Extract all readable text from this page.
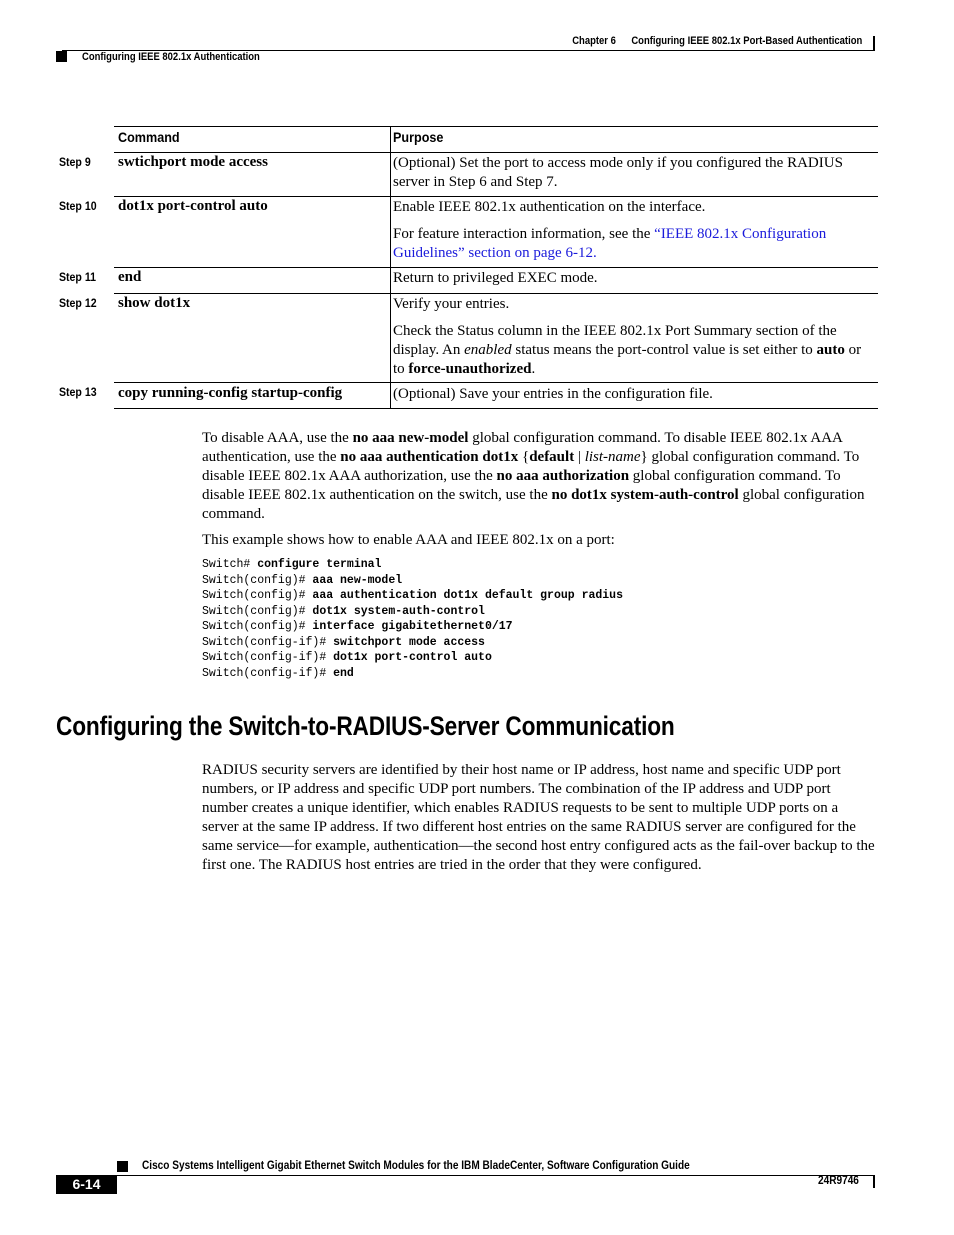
Chapter 6 Configuring IEEE 802.1x Port-Based Authentication
Configuring IEEE 802.1x Authentication
Command	Purpose
Step 9 swtichport mode access	(Optional) Set the port to access mode only if you configured the RADIUS server in Step 6 and Step 7.
Step 10 dot1x port-control auto	Enable IEEE 802.1x authentication on the interface.
For feature interaction information, see the “IEEE 802.1x Configuration Guidelines” section on page 6-12.
Step 11 end	Return to privileged EXEC mode.
Step 12 show dot1x	Verify your entries.
Check the Status column in the IEEE 802.1x Port Summary section of the display. An enabled status means the port-control value is set either to auto or to force-unauthorized.
Step 13 copy running-config startup-config	(Optional) Save your entries in the configuration file.
To disable AAA, use the no aaa new-model global configuration command. To disable IEEE 802.1x AAA authentication, use the no aaa authentication dot1x {default | list-name} global configuration command. To disable IEEE 802.1x AAA authorization, use the no aaa authorization global configuration command. To disable IEEE 802.1x authentication on the switch, use the no dot1x system-auth-control global configuration command.
This example shows how to enable AAA and IEEE 802.1x on a port:
Switch# configure terminal
Switch(config)# aaa new-model
Switch(config)# aaa authentication dot1x default group radius
Switch(config)# dot1x system-auth-control
Switch(config)# interface gigabitethernet0/17
Switch(config-if)# switchport mode access
Switch(config-if)# dot1x port-control auto
Switch(config-if)# end
Configuring the Switch-to-RADIUS-Server Communication
RADIUS security servers are identified by their host name or IP address, host name and specific UDP port numbers, or IP address and specific UDP port numbers. The combination of the IP address and UDP port number creates a unique identifier, which enables RADIUS requests to be sent to multiple UDP ports on a server at the same IP address. If two different host entries on the same RADIUS server are configured for the same service—for example, authentication—the second host entry configured acts as the fail-over backup to the first one. The RADIUS host entries are tried in the order that they were configured.
Cisco Systems Intelligent Gigabit Ethernet Switch Modules for the IBM BladeCenter, Software Configuration Guide
6-14	24R9746
